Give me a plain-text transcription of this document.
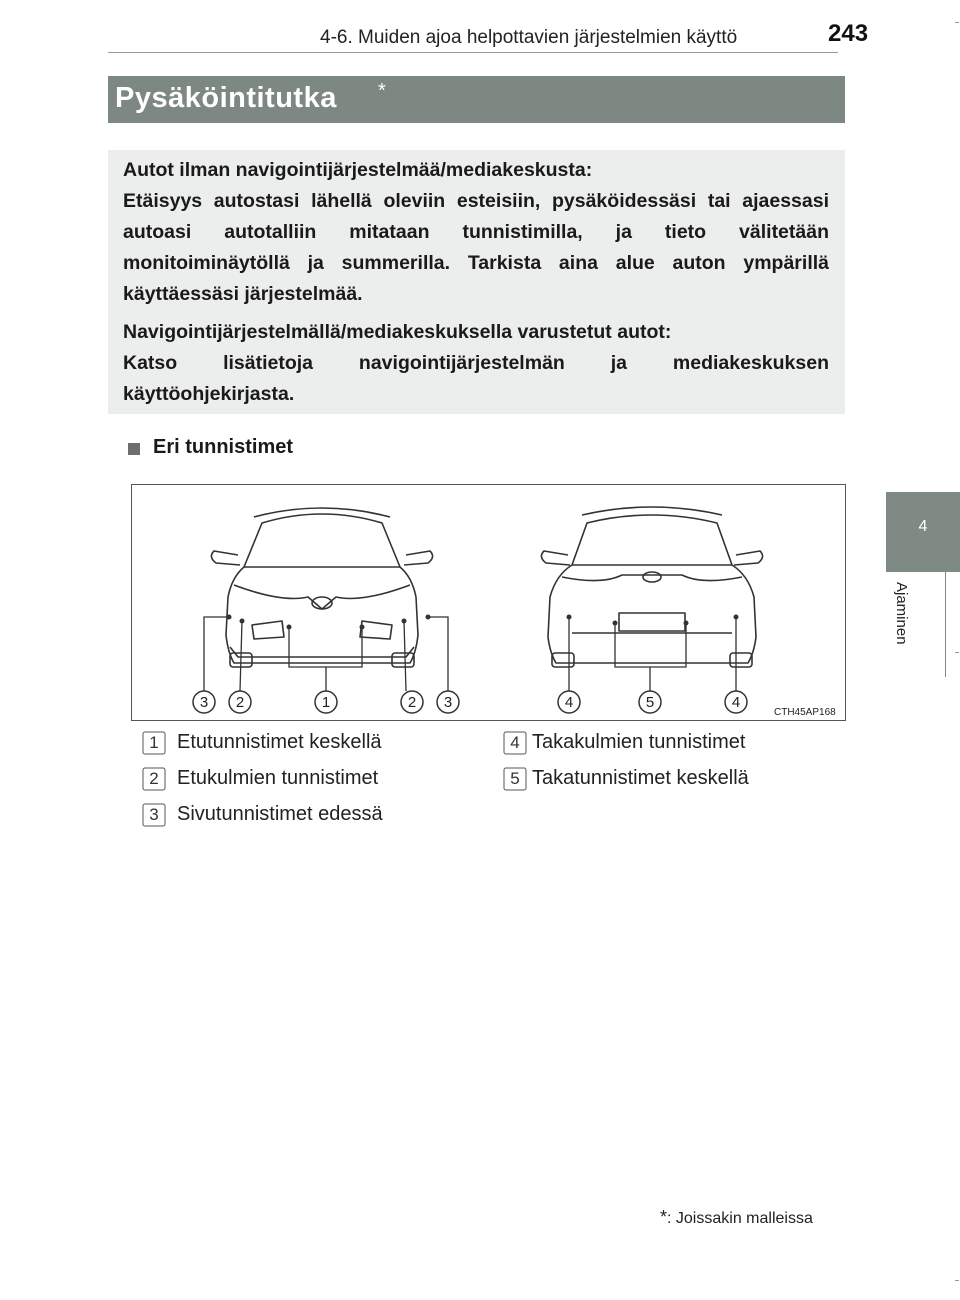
4-6. Muiden ajoa helpottavien järjestelmien käyttö	243
4
Ajaminen
Pysäköintitutka *
Autot ilman navigointijärjestelmää/mediakeskusta:
Etäisyys autostasi lähellä oleviin esteisiin, pysäköidessäsi tai ajaessasi autoasi autotalliin mitataan tunnistimilla, ja tieto välitetään monitoiminäytöllä ja summerilla. Tarkista aina alue auton ympärillä käyttäessäsi järjestelmää.
Navigointijärjestelmällä/mediakeskuksella varustetut autot:
Katso lisätietoja navigointijärjestelmän ja mediakeskuksen käyttöohjekirjasta.
Eri tunnistimet
3 2	1	2 3	4	5	4
CTH45AP168
1 Etutunnistimet keskellä
2 Etukulmien tunnistimet
3 Sivutunnistimet edessä
4 Takakulmien tunnistimet
5 Takatunnistimet keskellä
*: Joissakin malleissa
